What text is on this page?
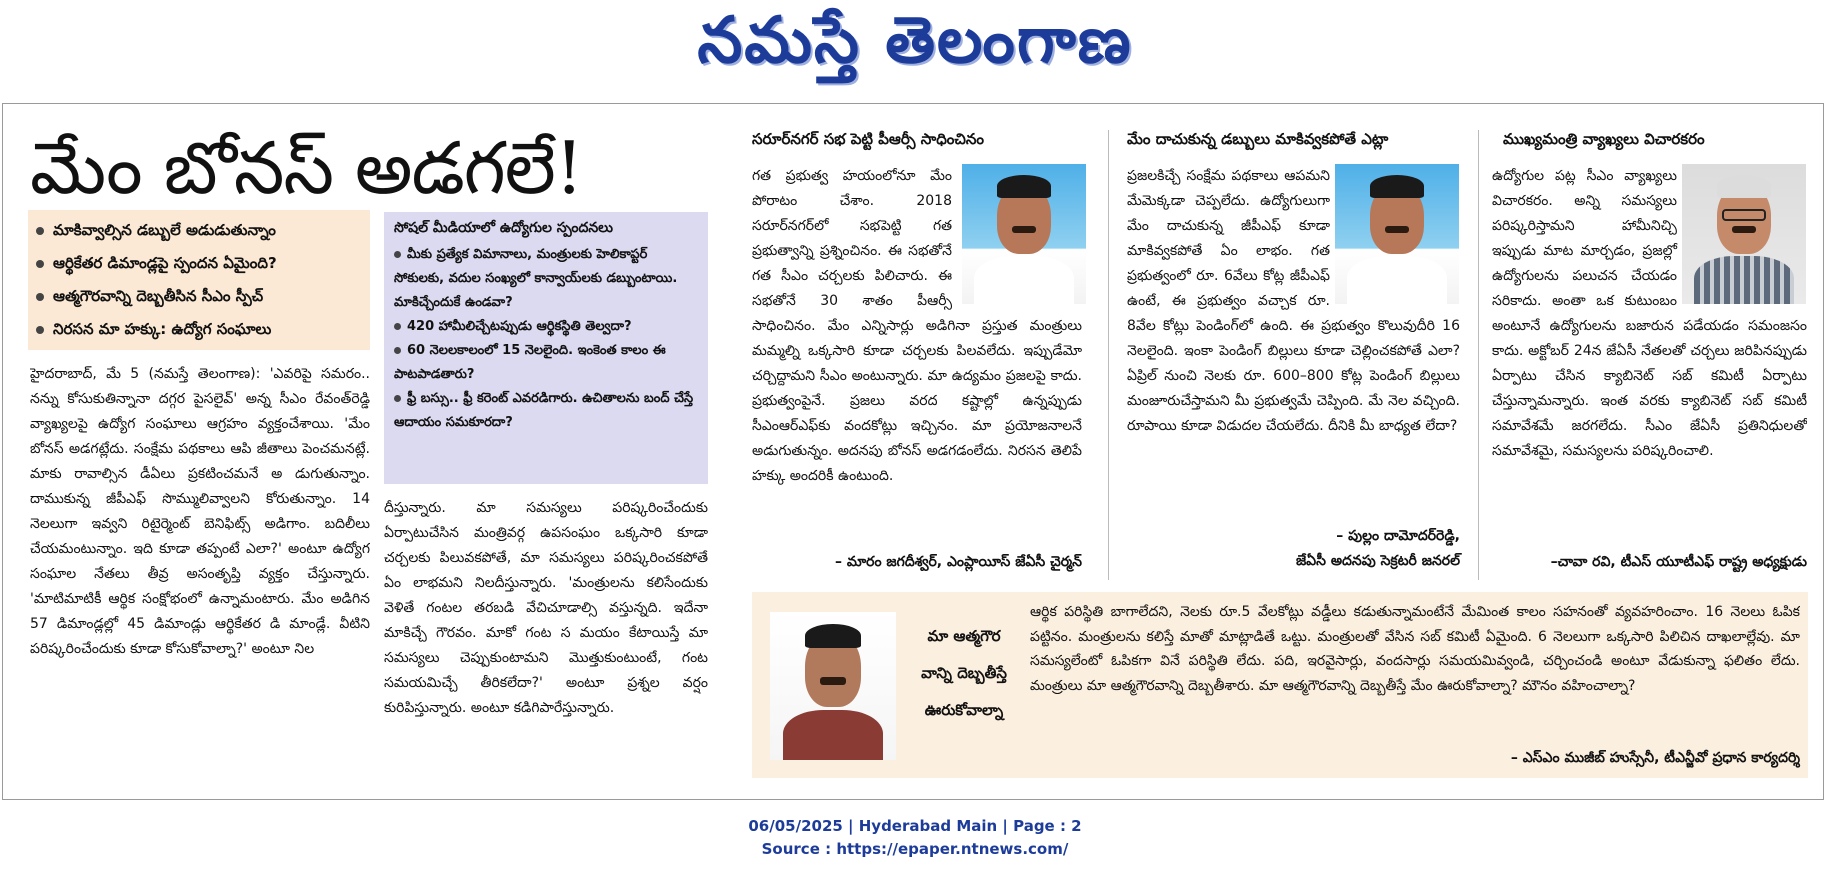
నమస్తే తెలంగాణ
మేం బోనస్ అడగలే!
మాకివ్వాల్సిన డబ్బులే అడుడుతున్నాం
ఆర్థికేతర డిమాండ్లపై స్పందన ఏమైంది?
ఆత్మగౌరవాన్ని దెబ్బతీసిన సీఎం స్పీచ్
నిరసన మా హక్కు: ఉద్యోగ సంఘాలు
సోషల్ మీడియాలో ఉద్యోగుల స్పందనలు
మీకు ప్రత్యేక విమానాలు, మంత్రులకు హెలికాప్టర్ సోకులకు, వదుల సంఖ్యలో కాన్వాయ్‌లకు డబ్బుంటాయి. మాకిచ్చేందుకే ఉండవా?
420 హామీలిచ్చేటప్పుడు ఆర్థికస్థితి తెల్వదా?
60 నెలలకాలంలో 15 నెలలైంది. ఇంకెంత కాలం ఈ పాటపాడతారు?
ఫ్రీ బస్సు.. ఫ్రీ కరెంట్ ఎవరడిగారు. ఉచితాలను బంద్ చేస్తే ఆదాయం సమకూరదా?
హైదరాబాద్, మే 5 (నమస్తే తెలంగాణ): 'ఎవరిపై సమరం.. నన్ను కోసుకుతిన్నానా దగ్గర పైసలైవ్' అన్న సీఎం రేవంత్‌రెడ్డి వ్యాఖ్యలపై ఉద్యోగ సంఘాలు ఆగ్రహం వ్యక్తంచేశాయి. 'మేం బోనస్ అడగట్లేదు. సంక్షేమ పథకాలు ఆపి జీతాలు పెంచమనట్లే. మాకు రావాల్సిన డీఏలు ప్రకటించమనే అ డుగుతున్నాం. దాముకున్న జీపీఎఫ్ సొమ్ములివ్వాలని కోరుతున్నాం. 14 నెలలుగా ఇవ్వని రిటైర్మెంట్ బెనిఫిట్స్ అడిగాం. బదిలీలు చేయమంటున్నాం. ఇది కూడా తప్పంటే ఎలా?' అంటూ ఉద్యోగ సంఘాల నేతలు తీవ్ర అసంతృప్తి వ్యక్తం చేస్తున్నారు. 'మాటిమాటికీ ఆర్థిక సంక్షోభంలో ఉన్నామంటారు. మేం అడిగిన 57 డిమాండ్లల్లో 45 డిమాండ్లు ఆర్థికేతర డి మాండ్లే. వీటిని పరిష్కరించేందుకు కూడా కోసుకోవాల్నా?' అంటూ నిల
దీస్తున్నారు. మా సమస్యలు పరిష్కరించేందుకు ఏర్పాటుచేసిన మంత్రివర్గ ఉపసంఘం ఒక్కసారి కూడా చర్చలకు పిలువకపోతే, మా సమస్యలు పరిష్కరించకపోతే ఏం లాభమని నిలదీస్తున్నారు. 'మంత్రులను కలిసేందుకు వెళితే గంటల తరబడి వేచిచూడాల్సి వస్తున్నది. ఇదేనా మాకిచ్చే గౌరవం. మాకో గంట స మయం కేటాయిస్తే మా సమస్యలు చెప్పుకుంటామని మొత్తుకుంటుంటే, గంట సమయమిచ్చే తీరికలేదా?' అంటూ ప్రశ్నల వర్షం కురిపిస్తున్నారు. అంటూ కడిగిపారేస్తున్నారు.
సరూర్‌నగర్ సభ పెట్టి పీఆర్సీ సాధించినం
గత ప్రభుత్వ హయంలోనూ మేం పోరాటం చేశాం. 2018 సరూర్‌నగర్‌లో సభపెట్టి గత ప్రభుత్వాన్ని ప్రశ్నించినం. ఈ సభతోనే గత సీఎం చర్చలకు పిలిచారు. ఈ సభతోనే 30 శాతం పీఆర్సీ సాధించినం. మేం ఎన్నిసార్లు అడిగినా ప్రస్తుత మంత్రులు మమ్మల్ని ఒక్కసారి కూడా చర్చలకు పిలవలేదు. ఇప్పుడేమో చర్చిద్దామని సీఎం అంటున్నారు. మా ఉద్యమం ప్రజలపై కాదు. ప్రభుత్వంపైనే. ప్రజలు వరద కష్టాల్లో ఉన్నప్పుడు సీఎంఆర్ఎఫ్‌కు వందకోట్లు ఇచ్చినం. మా ప్రయోజనాలనే అడుగుతున్నం. అదనపు బోనస్ అడగడంలేదు. నిరసన తెలిపే హక్కు అందరికీ ఉంటుంది.
– మారం జగదీశ్వర్, ఎంప్లాయీస్ జేఏసీ చైర్మన్
మేం దాచుకున్న డబ్బులు మాకివ్వకపోతే ఎట్లా
ప్రజలకిచ్చే సంక్షేమ పథకాలు ఆపమని మేమెక్కడా చెప్పలేదు. ఉద్యోగులుగా మేం దాచుకున్న జీపీఎఫ్ కూడా మాకివ్వకపోతే ఏం లాభం. గత ప్రభుత్వంలో రూ. 6వేలు కోట్ల జీపీఎఫ్ ఉంటే, ఈ ప్రభుత్వం వచ్చాక రూ. 8వేల కోట్లు పెండింగ్‌లో ఉంది. ఈ ప్రభుత్వం కొలువుదీరి 16 నెలలైంది. ఇంకా పెండింగ్ బిల్లులు కూడా చెల్లించకపోతే ఎలా? ఏప్రిల్ నుంచి నెలకు రూ. 600–800 కోట్ల పెండింగ్ బిల్లులు మంజూరుచేస్తామని మీ ప్రభుత్వమే చెప్పింది. మే నెల వచ్చింది. రూపాయి కూడా విడుదల చేయలేదు. దీనికి మీ బాధ్యత లేదా?
– పుల్లం దామోదర్‌రెడ్డి,
జేఏసీ అదనపు సెక్రటరీ జనరల్
ముఖ్యమంత్రి వ్యాఖ్యలు విచారకరం
ఉద్యోగుల పట్ల సీఎం వ్యాఖ్యలు విచారకరం. అన్ని సమస్యలు పరిష్కరిస్తామని హామీనిచ్చి ఇప్పుడు మాట మార్చడం, ప్రజల్లో ఉద్యోగులను పలుచన చేయడం సరికాదు. అంతా ఒక కుటుంబం అంటూనే ఉద్యోగులను బజారున పడేయడం సమంజసం కాదు. అక్టోబర్ 24న జేఏసీ నేతలతో చర్చలు జరిపినప్పుడు ఏర్పాటు చేసిన క్యాబినెట్ సబ్ కమిటీ ఏర్పాటు చేస్తున్నామన్నారు. ఇంత వరకు క్యాబినెట్ సబ్ కమిటీ సమావేశమే జరగలేదు. సీఎం జేఏసీ ప్రతినిధులతో సమావేశమై, సమస్యలను పరిష్కరించాలి.
–చావా రవి, టీఎస్ యూటీఎఫ్ రాష్ట్ర అధ్యక్షుడు
మా ఆత్మగౌర
వాన్ని దెబ్బతీస్తే
ఊరుకోవాల్నా
ఆర్థిక పరిస్థితి బాగాలేదని, నెలకు రూ.5 వేలకోట్లు వడ్డీలు కడుతున్నామంటేనే మేమింత కాలం సహనంతో వ్యవహరించాం. 16 నెలలు ఓపిక పట్టినం. మంత్రులను కలిస్తే మాతో మాట్లాడితే ఒట్టు. మంత్రులతో వేసిన సబ్ కమిటీ ఏమైంది. 6 నెలలుగా ఒక్కసారి పిలిచిన దాఖలాల్లేవు. మా సమస్యలేంటో ఓపికగా వినే పరిస్థితి లేదు. పది, ఇరవైసార్లు, వందసార్లు సమయమివ్వండి, చర్చించండి అంటూ వేడుకున్నా ఫలితం లేదు. మంత్రులు మా ఆత్మగౌరవాన్ని దెబ్బతీశారు. మా ఆత్మగౌరవాన్ని దెబ్బతీస్తే మేం ఊరుకోవాల్నా? మౌనం వహించాల్నా?
– ఎస్ఎం ముజీబ్ హుస్సేనీ, టీఎన్జీవో ప్రధాన కార్యదర్శి
06/05/2025 | Hyderabad Main | Page : 2
Source : https://epaper.ntnews.com/
